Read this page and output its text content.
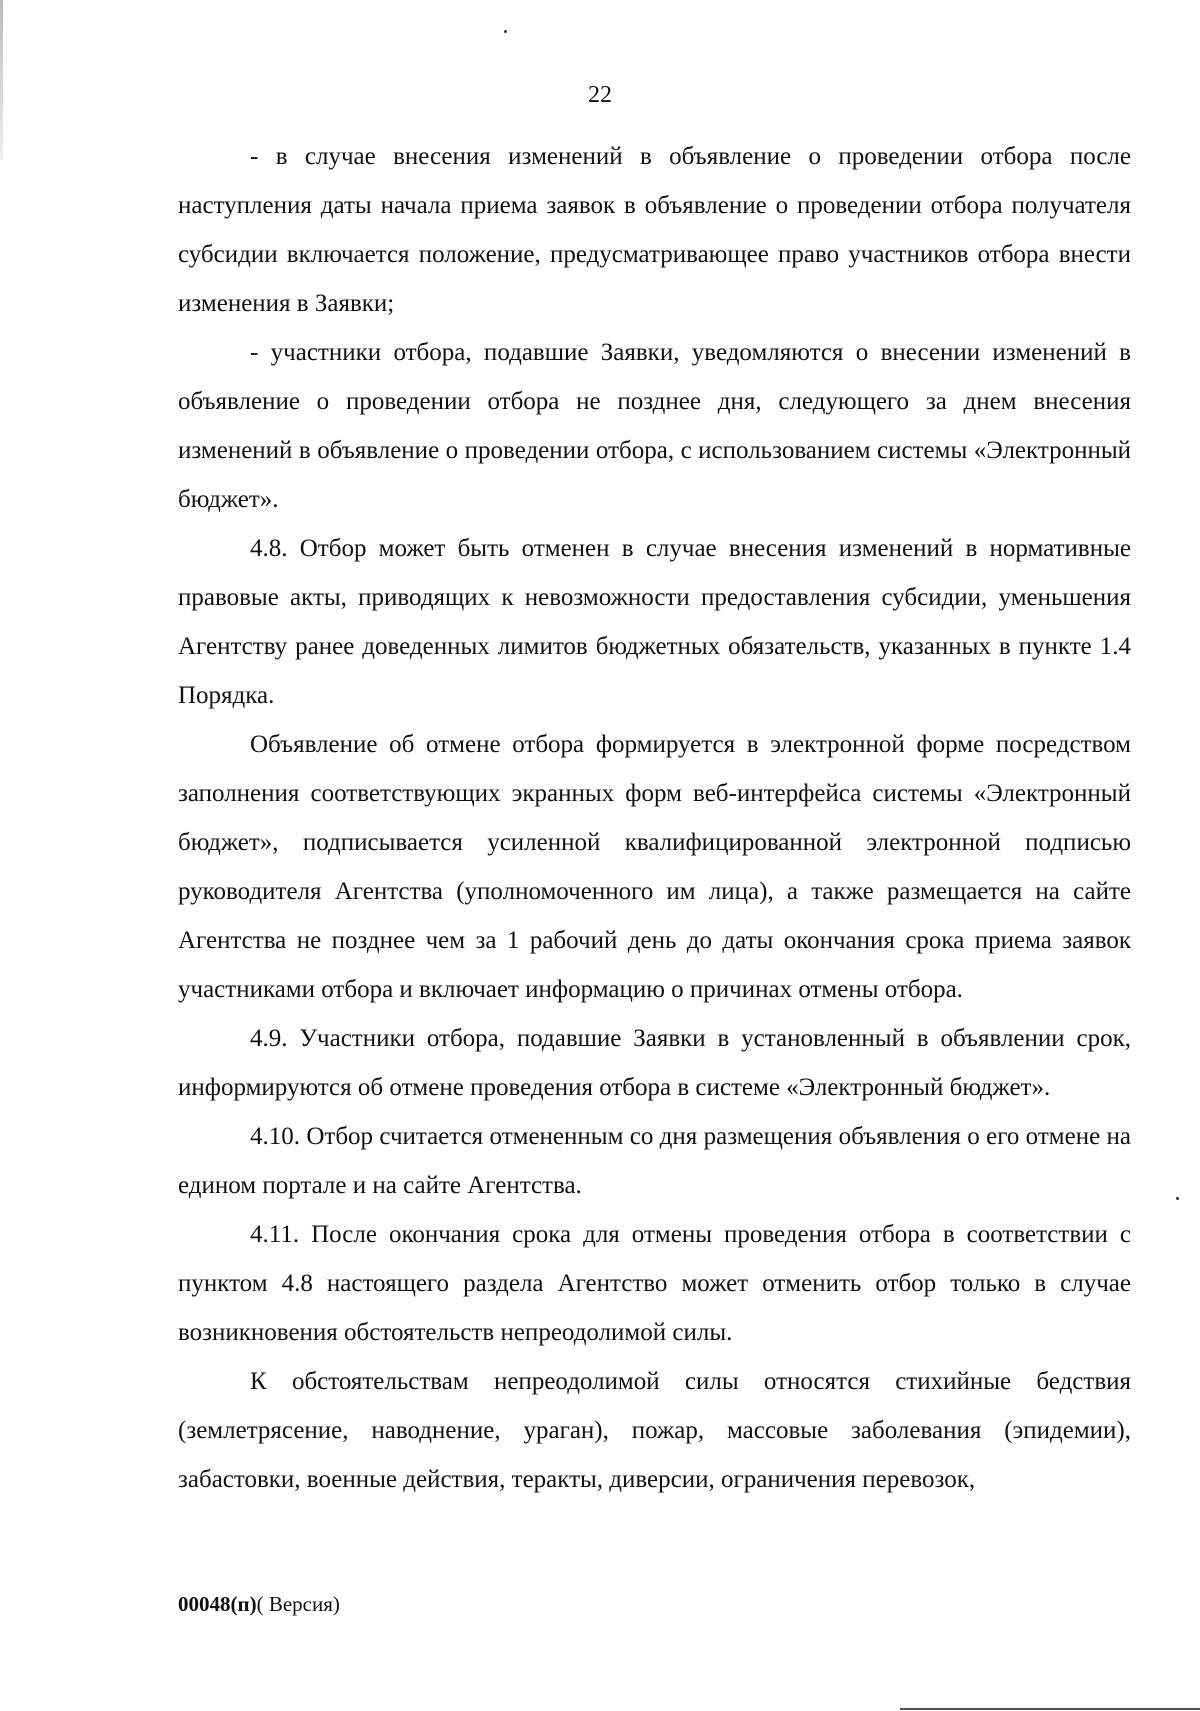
22

- в случае внесения изменений в объявление о проведении отбора после наступления даты начала приема заявок в объявление о проведении отбора получателя субсидии включается положение, предусматривающее право участников отбора внести изменения в Заявки;

- участники отбора, подавшие Заявки, уведомляются о внесении изменений в объявление о проведении отбора не позднее дня, следующего за днем внесения изменений в объявление о проведении отбора, с использованием системы «Электронный бюджет».

4.8. Отбор может быть отменен в случае внесения изменений в нормативные правовые акты, приводящих к невозможности предоставления субсидии, уменьшения Агентству ранее доведенных лимитов бюджетных обязательств, указанных в пункте 1.4 Порядка.

Объявление об отмене отбора формируется в электронной форме посредством заполнения соответствующих экранных форм веб-интерфейса системы «Электронный бюджет», подписывается усиленной квалифицированной электронной подписью руководителя Агентства (уполномоченного им лица), а также размещается на сайте Агентства не позднее чем за 1 рабочий день до даты окончания срока приема заявок участниками отбора и включает информацию о причинах отмены отбора.

4.9. Участники отбора, подавшие Заявки в установленный в объявлении срок, информируются об отмене проведения отбора в системе «Электронный бюджет».

4.10. Отбор считается отмененным со дня размещения объявления о его отмене на едином портале и на сайте Агентства.

4.11. После окончания срока для отмены проведения отбора в соответствии с пунктом 4.8 настоящего раздела Агентство может отменить отбор только в случае возникновения обстоятельств непреодолимой силы.

К обстоятельствам непреодолимой силы относятся стихийные бедствия (землетрясение, наводнение, ураган), пожар, массовые заболевания (эпидемии), забастовки, военные действия, теракты, диверсии, ограничения перевозок,

00048(п)( Версия)
